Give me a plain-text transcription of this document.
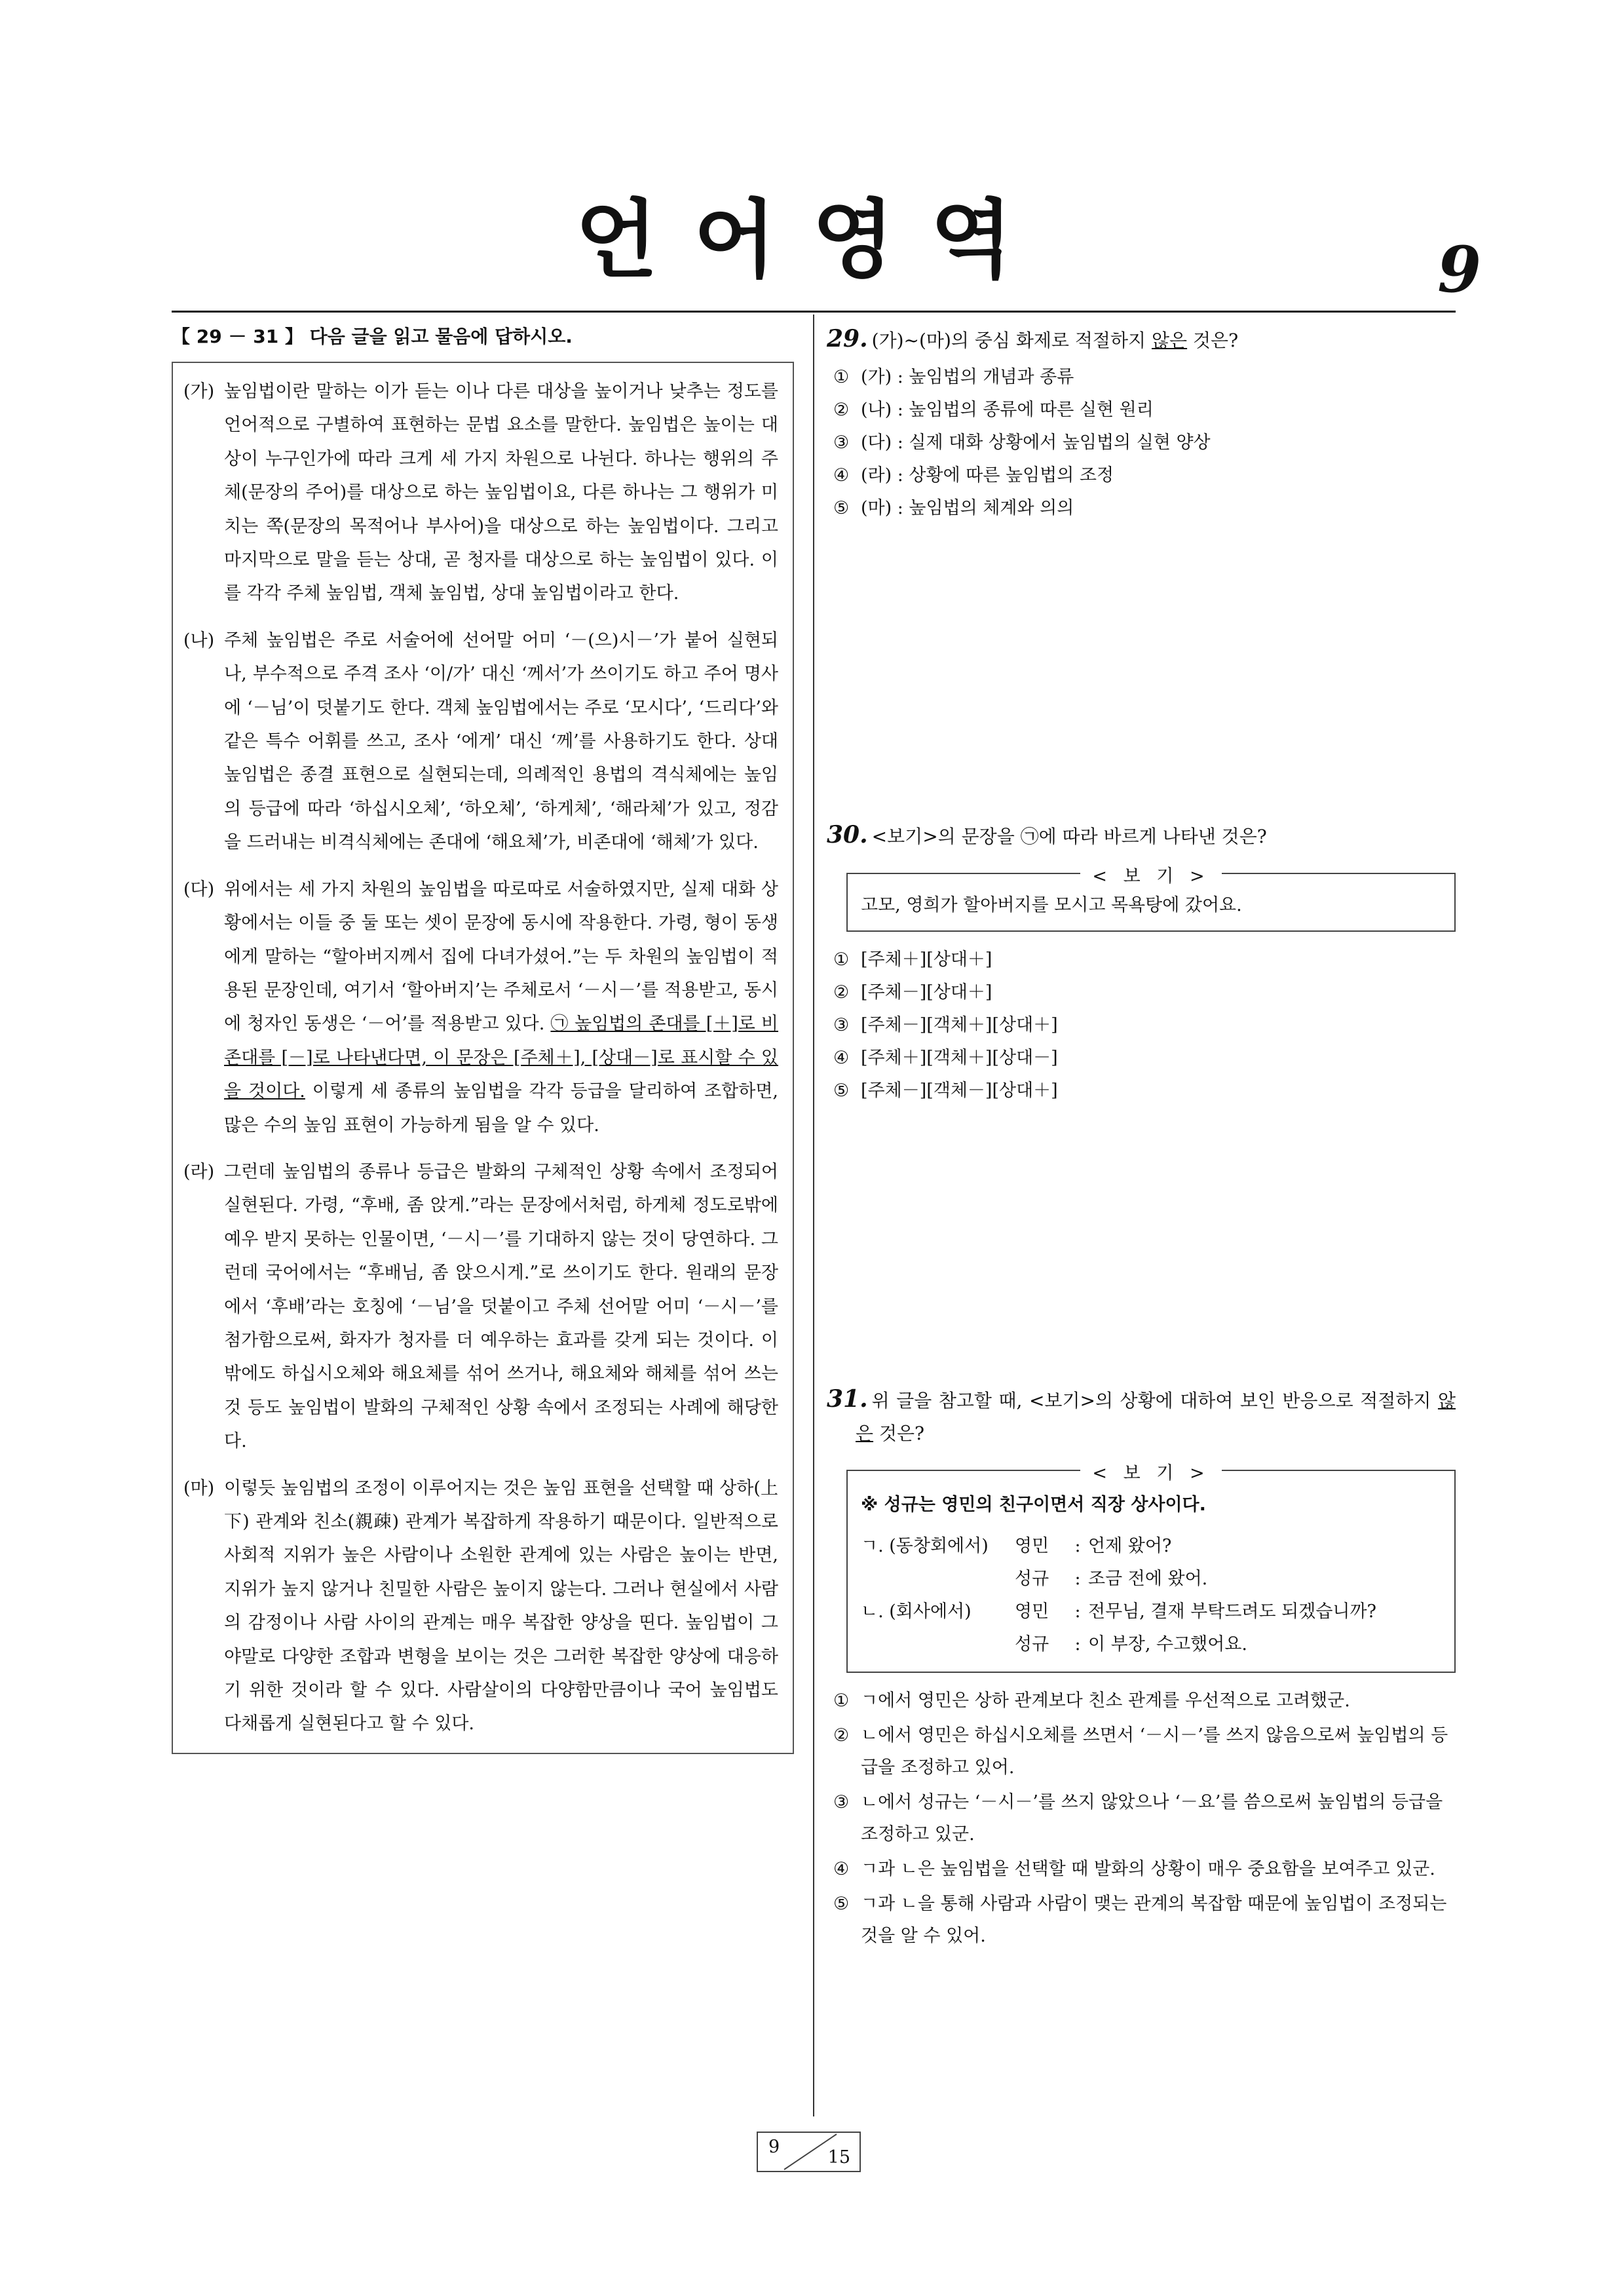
언어영역	9
【 29 － 31 】 다음 글을 읽고 물음에 답하시오.
(가) 높임법이란 말하는 이가 듣는 이나 다른 대상을 높이거나 낮추는 정도를 언어적으로 구별하여 표현하는 문법 요소를 말한다. 높임법은 높이는 대상이 누구인가에 따라 크게 세 가지 차원으로 나뉜다. 하나는 행위의 주체(문장의 주어)를 대상으로 하는 높임법이요, 다른 하나는 그 행위가 미치는 쪽(문장의 목적어나 부사어)을 대상으로 하는 높임법이다. 그리고 마지막으로 말을 듣는 상대, 곧 청자를 대상으로 하는 높임법이 있다. 이를 각각 주체 높임법, 객체 높임법, 상대 높임법이라고 한다.
(나) 주체 높임법은 주로 서술어에 선어말 어미 ‘－(으)시－’가 붙어 실현되나, 부수적으로 주격 조사 ‘이/가’ 대신 ‘께서’가 쓰이기도 하고 주어 명사에 ‘－님’이 덧붙기도 한다. 객체 높임법에서는 주로 ‘모시다’, ‘드리다’와 같은 특수 어휘를 쓰고, 조사 ‘에게’ 대신 ‘께’를 사용하기도 한다. 상대 높임법은 종결 표현으로 실현되는데, 의례적인 용법의 격식체에는 높임의 등급에 따라 ‘하십시오체’, ‘하오체’, ‘하게체’, ‘해라체’가 있고, 정감을 드러내는 비격식체에는 존대에 ‘해요체’가, 비존대에 ‘해체’가 있다.
(다) 위에서는 세 가지 차원의 높임법을 따로따로 서술하였지만, 실제 대화 상황에서는 이들 중 둘 또는 셋이 문장에 동시에 작용한다. 가령, 형이 동생에게 말하는 “할아버지께서 집에 다녀가셨어.”는 두 차원의 높임법이 적용된 문장인데, 여기서 ‘할아버지’는 주체로서 ‘－시－’를 적용받고, 동시에 청자인 동생은 ‘－어’를 적용받고 있다. ㉠ 높임법의 존대를 [＋]로 비존대를 [－]로 나타낸다면, 이 문장은 [주체＋], [상대－]로 표시할 수 있을 것이다. 이렇게 세 종류의 높임법을 각각 등급을 달리하여 조합하면, 많은 수의 높임 표현이 가능하게 됨을 알 수 있다.
(라) 그런데 높임법의 종류나 등급은 발화의 구체적인 상황 속에서 조정되어 실현된다. 가령, “후배, 좀 앉게.”라는 문장에서처럼, 하게체 정도로밖에 예우 받지 못하는 인물이면, ‘－시－’를 기대하지 않는 것이 당연하다. 그런데 국어에서는 “후배님, 좀 앉으시게.”로 쓰이기도 한다. 원래의 문장에서 ‘후배’라는 호칭에 ‘－님’을 덧붙이고 주체 선어말 어미 ‘－시－’를 첨가함으로써, 화자가 청자를 더 예우하는 효과를 갖게 되는 것이다. 이밖에도 하십시오체와 해요체를 섞어 쓰거나, 해요체와 해체를 섞어 쓰는 것 등도 높임법이 발화의 구체적인 상황 속에서 조정되는 사례에 해당한다.
(마) 이렇듯 높임법의 조정이 이루어지는 것은 높임 표현을 선택할 때 상하(上下) 관계와 친소(親疎) 관계가 복잡하게 작용하기 때문이다. 일반적으로 사회적 지위가 높은 사람이나 소원한 관계에 있는 사람은 높이는 반면, 지위가 높지 않거나 친밀한 사람은 높이지 않는다. 그러나 현실에서 사람의 감정이나 사람 사이의 관계는 매우 복잡한 양상을 띤다. 높임법이 그야말로 다양한 조합과 변형을 보이는 것은 그러한 복잡한 양상에 대응하기 위한 것이라 할 수 있다. 사람살이의 다양함만큼이나 국어 높임법도 다채롭게 실현된다고 할 수 있다.

29. (가)~(마)의 중심 화제로 적절하지 않은 것은?

① (가) : 높임법의 개념과 종류
② (나) : 높임법의 종류에 따른 실현 원리
③ (다) : 실제 대화 상황에서 높임법의 실현 양상
④ (라) : 상황에 따른 높임법의 조정
⑤ (마) : 높임법의 체계와 의의

30. <보기>의 문장을 ㉠에 따라 바르게 나타낸 것은?

< 보 기 >
고모, 영희가 할아버지를 모시고 목욕탕에 갔어요.
① [주체＋][상대＋]
② [주체－][상대＋]
③ [주체－][객체＋][상대＋]
④ [주체＋][객체＋][상대－]
⑤ [주체－][객체－][상대＋]

31. 위 글을 참고할 때, <보기>의 상황에 대하여 보인 반응으로 적절하지 않은 것은?

< 보 기 >
※ 성규는 영민의 친구이면서 직장 상사이다.
ㄱ. (동창회에서)	영민	: 언제 왔어?
성규	: 조금 전에 왔어.
ㄴ. (회사에서)	영민	: 전무님, 결재 부탁드려도 되겠습니까?
성규	: 이 부장, 수고했어요.
① ㄱ에서 영민은 상하 관계보다 친소 관계를 우선적으로 고려했군.
② ㄴ에서 영민은 하십시오체를 쓰면서 ‘－시－’를 쓰지 않음으로써 높임법의 등급을 조정하고 있어.
③ ㄴ에서 성규는 ‘－시－’를 쓰지 않았으나 ‘－요’를 씀으로써 높임법의 등급을 조정하고 있군.
④ ㄱ과 ㄴ은 높임법을 선택할 때 발화의 상황이 매우 중요함을 보여주고 있군.
⑤ ㄱ과 ㄴ을 통해 사람과 사람이 맺는 관계의 복잡함 때문에 높임법이 조정되는 것을 알 수 있어.
9
15
